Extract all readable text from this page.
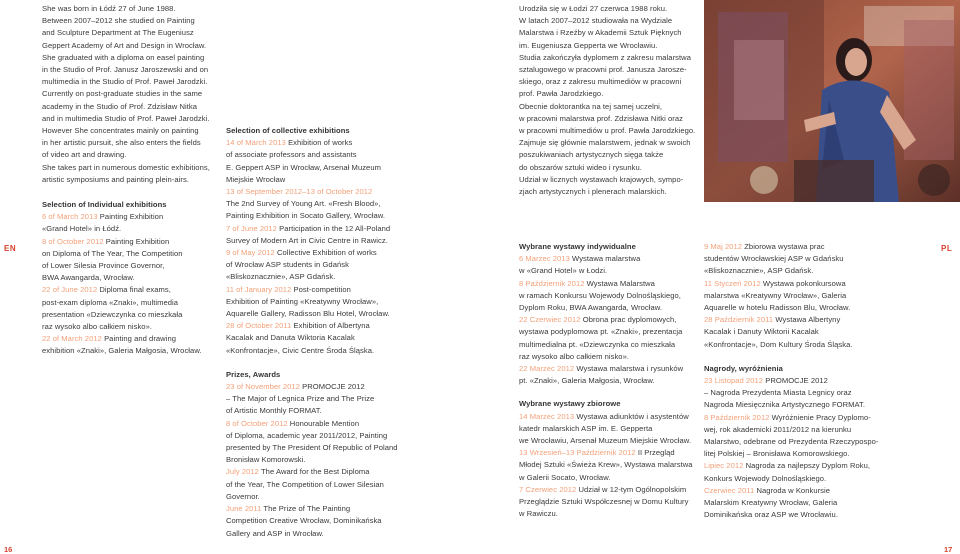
EN	PL

She was born in Łódź 27 of June 1988.

Between 2007–2012 she studied on Painting

and Sculpture Department at The Eugeniusz

Geppert Academy of Art and Design in Wrocław.

She graduated with a diploma on easel painting

in the Studio of Prof. Janusz Jaroszewski and on

multimedia in the Studio of Prof. Paweł Jarodzki.

Currently on post-graduate studies in the same

academy in the Studio of Prof. Zdzisław Nitka

and in multimedia Studio of Prof. Paweł Jarodzki.

However She concentrates mainly on painting

in her artistic pursuit, she also enters the fields

of video art and drawing.

She takes part in numerous domestic exhibitions,

artistic symposiums and painting plein-airs.

Selection of Individual exhibitions

6 of March 2013 Painting Exhibition

«Grand Hotel» in Łódź.

8 of October 2012 Painting Exhibition

on Diploma of The Year, The Competition

of Lower Silesia Province Governor,

BWA Awangarda, Wrocław.

22 of June 2012 Diploma final exams,

post-exam diploma «Znaki», multimedia

presentation «Dziewczynka co mieszkała

raz wysoko albo całkiem nisko».

22 of March 2012 Painting and drawing

exhibition «Znaki», Galeria Małgosia, Wrocław.

Selection of collective exhibitions

14 of March 2013 Exhibition of works

of associate professors and assistants

E. Geppert ASP in Wrocław, Arsenał Muzeum

Miejskie Wrocław

13 of September 2012–13 of October 2012

The 2nd Survey of Young Art. «Fresh Blood»,

Painting Exhibition in Socato Gallery, Wrocław.

7 of June 2012 Participation in the 12 All-Poland

Survey of Modern Art in Civic Centre in Rawicz.

9 of May 2012 Collective Exhibition of works

of Wrocław ASP students in Gdańsk

«Bliskoznacznie», ASP Gdańsk.

11 of January 2012 Post-competition

Exhibition of Painting «Kreatywny Wrocław»,

Aquarelle Gallery, Radisson Blu Hotel, Wrocław.

28 of October 2011 Exhibition of Albertyna

Kacalak and Danuta Wiktoria Kacalak

«Konfrontacje», Civic Centre Środa Śląska.

Prizes, Awards

23 of November 2012 PROMOCJE 2012

– The Major of Legnica Prize and The Prize

of Artistic Monthly FORMAT.

8 of October 2012 Honourable Mention

of Diploma, academic year 2011/2012, Painting

presented by The President Of Republic of Poland

Bronisław Komorowski.

July 2012 The Award for the Best Diploma

of the Year, The Competition of Lower Silesian

Governor.

June 2011 The Prize of The Painting

Competition Creative Wrocław, Dominikańska

Gallery and ASP in Wrocław.

Urodziła się w Łodzi 27 czerwca 1988 roku.

W latach 2007–2012 studiowała na Wydziale

Malarstwa i Rzeźby w Akademii Sztuk Pięknych

im. Eugeniusza Gepperta we Wrocławiu.

Studia zakończyła dyplomem z zakresu malarstwa

sztalugowego w pracowni prof. Janusza Jarosze-

skiego, oraz z zakresu multimediów w pracowni

prof. Pawła Jarodzkiego.

Obecnie doktorantka na tej samej uczelni,

w pracowni malarstwa prof. Zdzisława Nitki oraz

w pracowni multimediów u prof. Pawła Jarodzkiego.

Zajmuje się głównie malarstwem, jednak w swoich

poszukiwaniach artystycznych sięga także

do obszarów sztuki wideo i rysunku.

Udział w licznych wystawach krajowych, sympo-

zjach artystycznych i plenerach malarskich.

Wybrane wystawy indywidualne

6 Marzec 2013 Wystawa malarstwa

w «Grand Hotel» w Łodzi.

8 Październik 2012 Wystawa Malarstwa

w ramach Konkursu Wojewody Dolnośląskiego,

Dyplom Roku, BWA Awangarda, Wrocław.

22 Czerwiec 2012 Obrona prac dyplomowych,

wystawa podyplomowa pt. «Znaki», prezentacja

multimedialna pt. «Dziewczynka co mieszkała

raz wysoko albo całkiem nisko».

22 Marzec 2012 Wystawa malarstwa i rysunków

pt. «Znaki», Galeria Małgosia, Wrocław.

Wybrane wystawy zbiorowe

14 Marzec 2013 Wystawa adiunktów i asystentów

katedr malarskich ASP im. E. Gepperta

we Wrocławiu, Arsenał Muzeum Miejskie Wrocław.

13 Wrzesień–13 Październik 2012 II Przegląd

Młodej Sztuki «Świeża Krew», Wystawa malarstwa

w Galerii Socato, Wrocław.

7 Czerwiec 2012 Udział w 12-tym Ogólnopolskim

Przeglądzie Sztuki Współczesnej w Domu Kultury

w Rawiczu.

9 Maj 2012 Zbiorowa wystawa prac

studentów Wrocławskiej ASP w Gdańsku

«Bliskoznacznie», ASP Gdańsk.

11 Styczeń 2012 Wystawa pokonkursowa

malarstwa «Kreatywny Wrocław», Galeria

Aquarelle w hotelu Radisson Blu, Wrocław.

28 Październik 2011 Wystawa Albertyny

Kacalak i Danuty Wiktorii Kacalak

«Konfrontacje», Dom Kultury Środa Śląska.

Nagrody, wyróżnienia

23 Listopad 2012 PROMOCJE 2012

– Nagroda Prezydenta Miasta Legnicy oraz

Nagroda Miesięcznika Artystycznego FORMAT.

8 Październik 2012 Wyróżnienie Pracy Dyplomo-

wej, rok akademicki 2011/2012 na kierunku

Malarstwo, odebrane od Prezydenta Rzeczypospo-

litej Polskiej – Bronisława Komorowskiego.

Lipiec 2012 Nagroda za najlepszy Dyplom Roku,

Konkurs Wojewody Dolnośląskiego.

Czerwiec 2011 Nagroda w Konkursie

Malarskim Kreatywny Wrocław, Galeria

Dominikańska oraz ASP we Wrocławiu.

16	17
